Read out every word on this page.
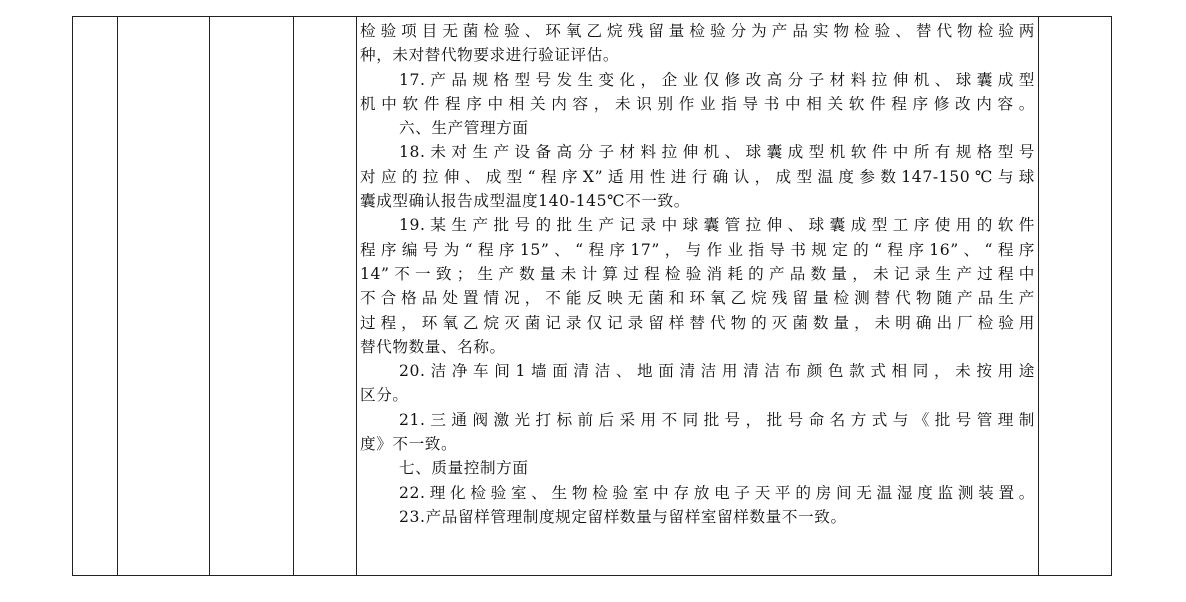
检验项目无菌检验、环氧乙烷残留量检验分为产品实物检验、替代物检验两
种，未对替代物要求进行验证评估。
17.产品规格型号发生变化，企业仅修改高分子材料拉伸机、球囊成型
机中软件程序中相关内容，未识别作业指导书中相关软件程序修改内容。
六、生产管理方面
18.未对生产设备高分子材料拉伸机、球囊成型机软件中所有规格型号
对应的拉伸、成型“程序X”适用性进行确认，成型温度参数147-150℃与球
囊成型确认报告成型温度140-145℃不一致。
19.某生产批号的批生产记录中球囊管拉伸、球囊成型工序使用的软件
程序编号为“程序15”、“程序17”，与作业指导书规定的“程序16”、“程序
14”不一致；生产数量未计算过程检验消耗的产品数量，未记录生产过程中
不合格品处置情况，不能反映无菌和环氧乙烷残留量检测替代物随产品生产
过程，环氧乙烷灭菌记录仅记录留样替代物的灭菌数量，未明确出厂检验用
替代物数量、名称。
20.洁净车间1墙面清洁、地面清洁用清洁布颜色款式相同，未按用途
区分。
21.三通阀激光打标前后采用不同批号，批号命名方式与《批号管理制
度》不一致。
七、质量控制方面
22.理化检验室、生物检验室中存放电子天平的房间无温湿度监测装置。
23.产品留样管理制度规定留样数量与留样室留样数量不一致。
